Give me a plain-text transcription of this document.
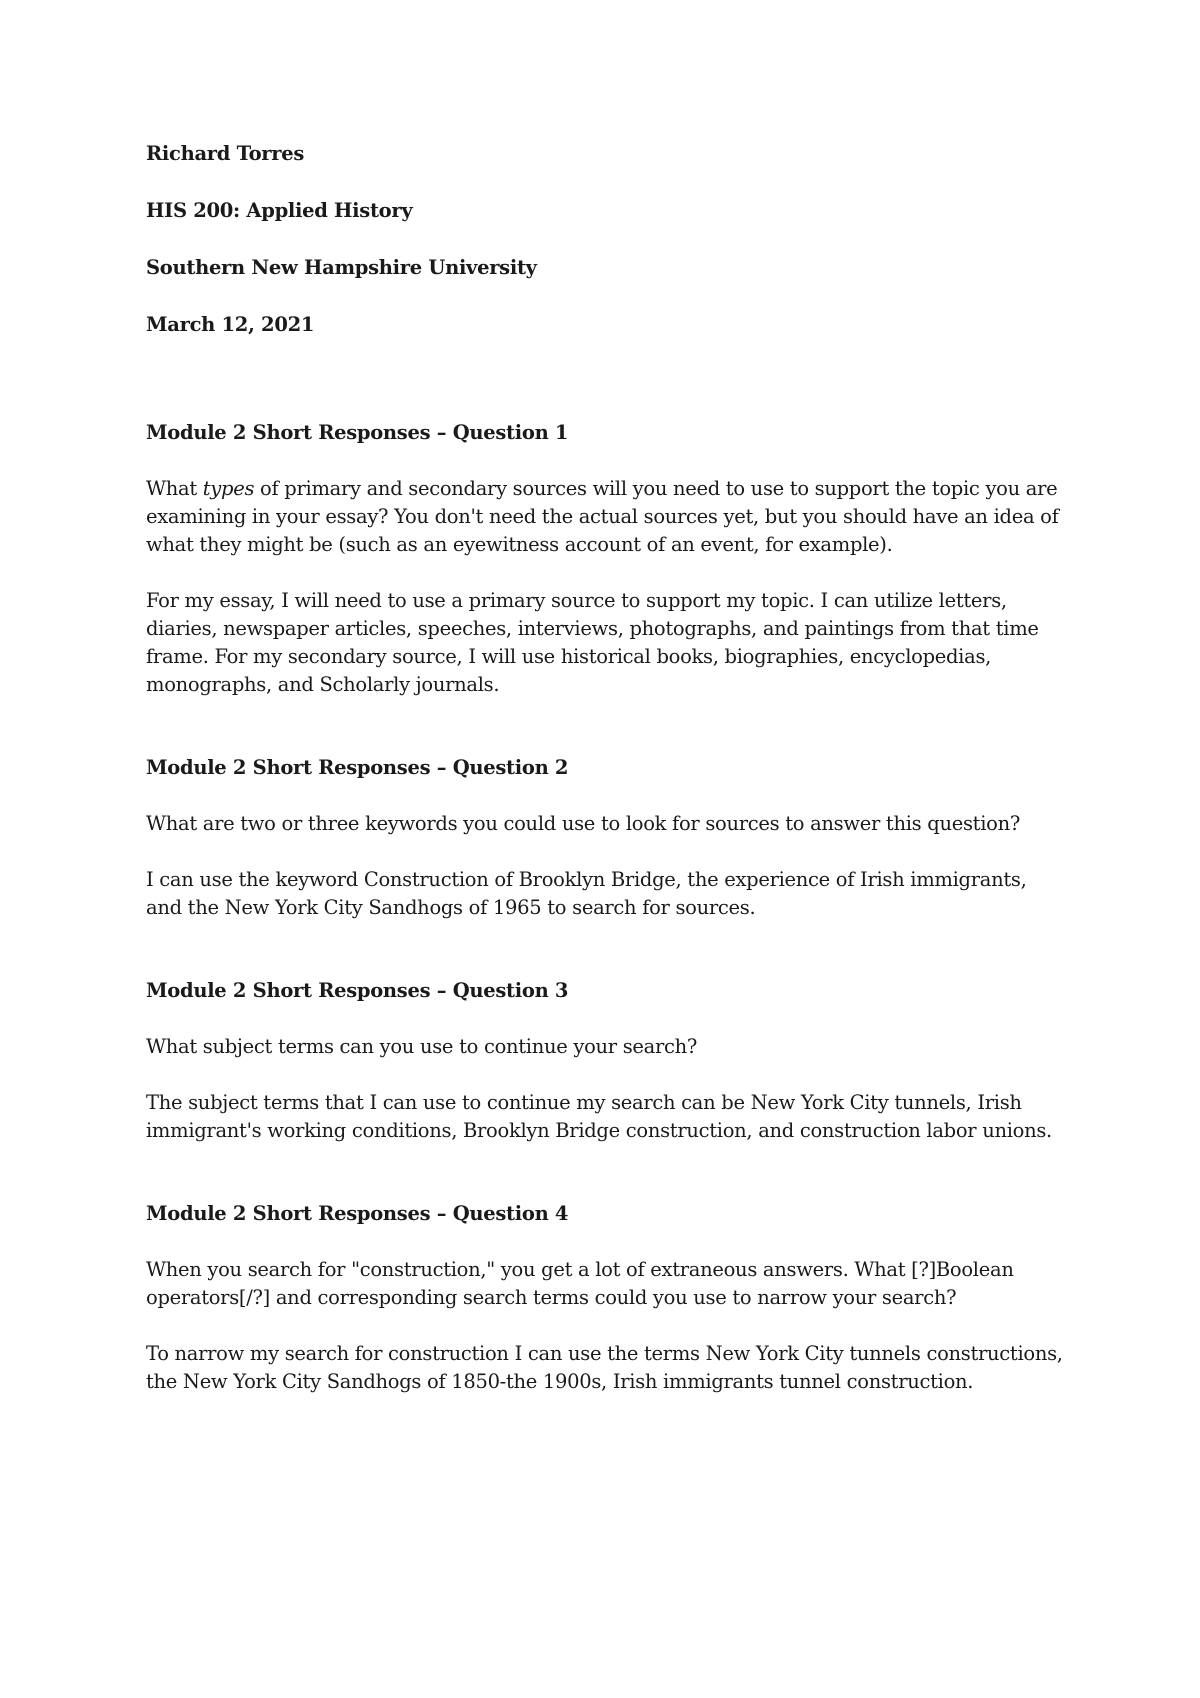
Richard Torres

HIS 200: Applied History

Southern New Hampshire University

March 12, 2021

Module 2 Short Responses – Question 1

What types of primary and secondary sources will you need to use to support the topic you are examining in your essay? You don't need the actual sources yet, but you should have an idea of what they might be (such as an eyewitness account of an event, for example).

For my essay, I will need to use a primary source to support my topic. I can utilize letters, diaries, newspaper articles, speeches, interviews, photographs, and paintings from that time frame. For my secondary source, I will use historical books, biographies, encyclopedias, monographs, and Scholarly journals.

Module 2 Short Responses – Question 2

What are two or three keywords you could use to look for sources to answer this question?

I can use the keyword Construction of Brooklyn Bridge, the experience of Irish immigrants, and the New York City Sandhogs of 1965 to search for sources.

Module 2 Short Responses – Question 3

What subject terms can you use to continue your search?

The subject terms that I can use to continue my search can be New York City tunnels, Irish immigrant's working conditions, Brooklyn Bridge construction, and construction labor unions.

Module 2 Short Responses – Question 4

When you search for "construction," you get a lot of extraneous answers. What [?]Boolean operators[/?] and corresponding search terms could you use to narrow your search?

To narrow my search for construction I can use the terms New York City tunnels constructions, the New York City Sandhogs of 1850-the 1900s, Irish immigrants tunnel construction.
